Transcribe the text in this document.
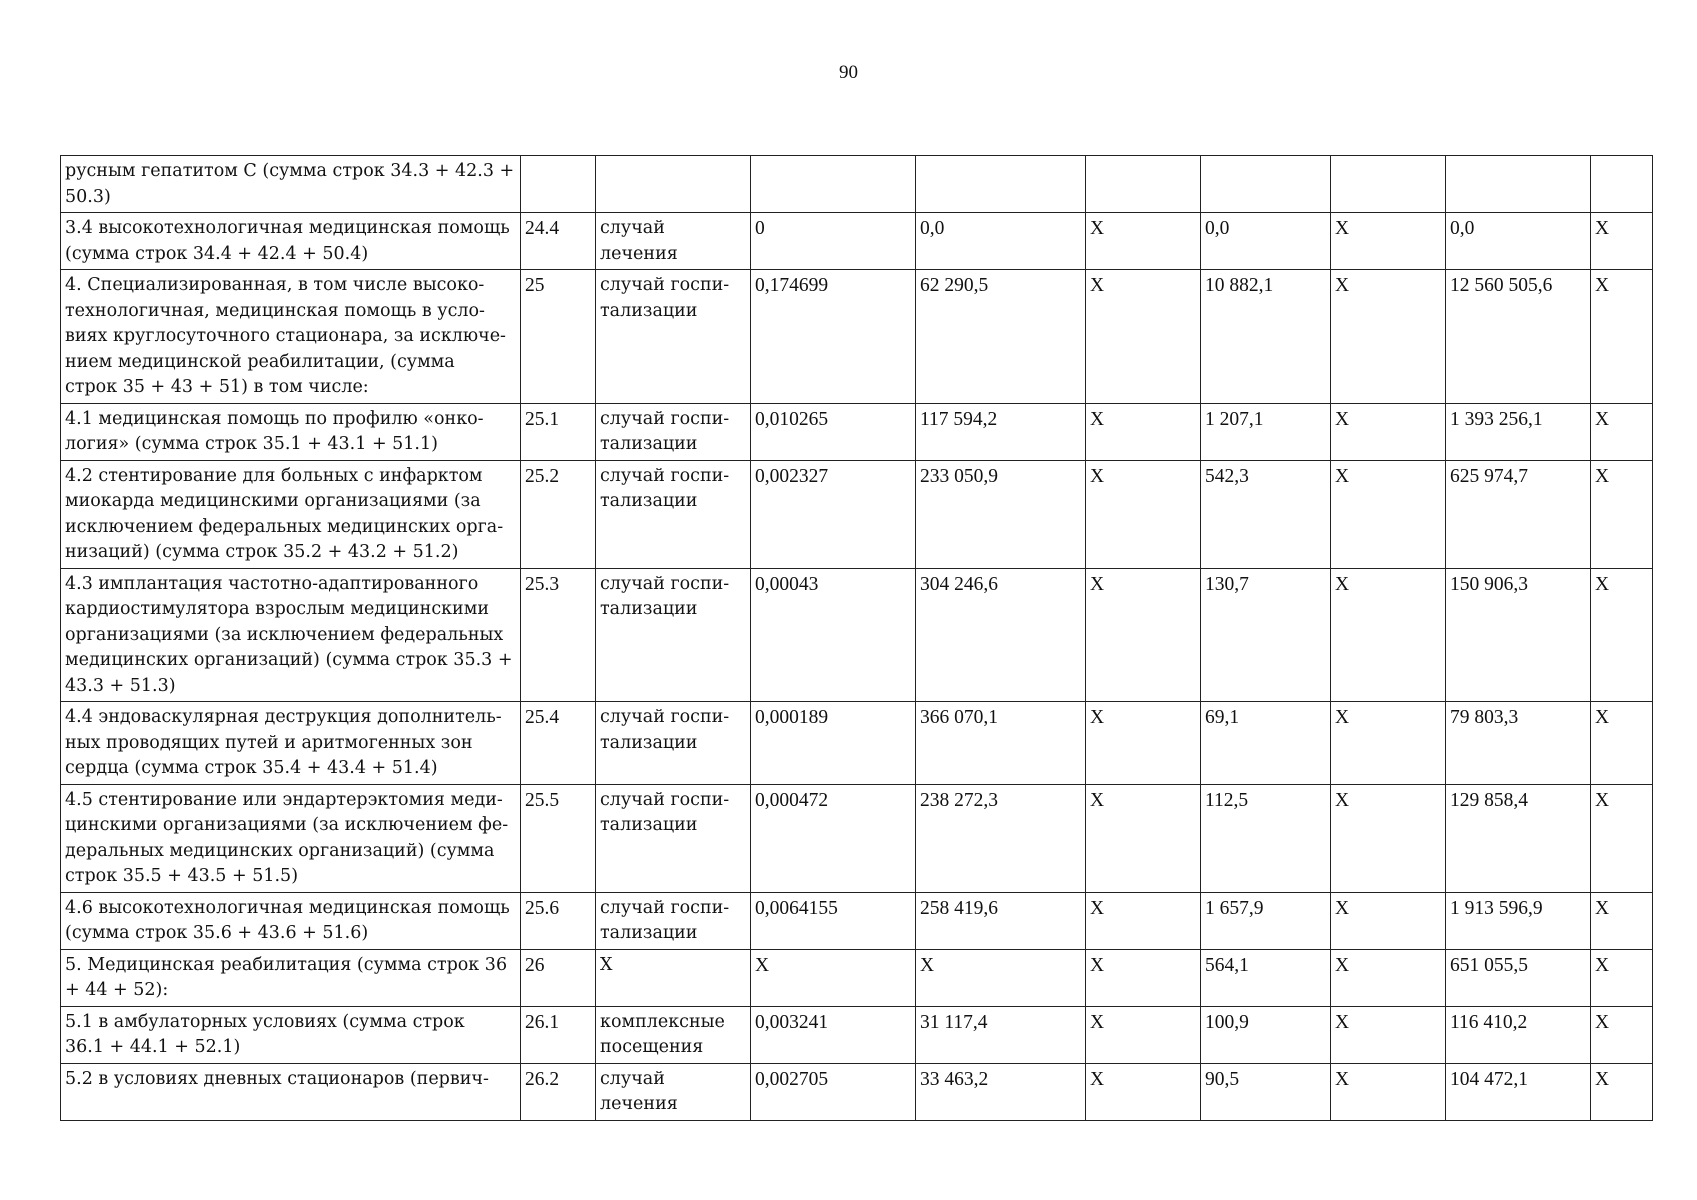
90
русным гепатитом С (сумма строк 34.3 + 42.3 +
50.3)									
3.4 высокотехнологичная медицинская помощь
(сумма строк 34.4 + 42.4 + 50.4)	24.4	случай лечения	0	0,0	Х	0,0	Х	0,0	Х
4. Специализированная, в том числе высоко-
технологичная, медицинская помощь в усло-
виях круглосуточного стационара, за исключе-
нием медицинской реабилитации, (сумма
строк 35 + 43 + 51) в том числе:	25	случай госпи-
тализации	0,174699	62 290,5	Х	10 882,1	Х	12 560 505,6	Х
4.1 медицинская помощь по профилю «онко-
логия» (сумма строк 35.1 + 43.1 + 51.1)	25.1	случай госпи-
тализации	0,010265	117 594,2	Х	1 207,1	Х	1 393 256,1	Х
4.2 стентирование для больных с инфарктом
миокарда медицинскими организациями (за
исключением федеральных медицинских орга-
низаций) (сумма строк 35.2 + 43.2 + 51.2)	25.2	случай госпи-
тализации	0,002327	233 050,9	Х	542,3	Х	625 974,7	Х
4.3 имплантация частотно-адаптированного
кардиостимулятора взрослым медицинскими
организациями (за исключением федеральных
медицинских организаций) (сумма строк 35.3 +
43.3 + 51.3)	25.3	случай госпи-
тализации	0,00043	304 246,6	Х	130,7	Х	150 906,3	Х
4.4 эндоваскулярная деструкция дополнитель-
ных проводящих путей и аритмогенных зон
сердца (сумма строк 35.4 + 43.4 + 51.4)	25.4	случай госпи-
тализации	0,000189	366 070,1	Х	69,1	Х	79 803,3	Х
4.5 стентирование или эндартерэктомия меди-
цинскими организациями (за исключением фе-
деральных медицинских организаций) (сумма
строк 35.5 + 43.5 + 51.5)	25.5	случай госпи-
тализации	0,000472	238 272,3	Х	112,5	Х	129 858,4	Х
4.6 высокотехнологичная медицинская помощь
(сумма строк 35.6 + 43.6 + 51.6)	25.6	случай госпи-
тализации	0,0064155	258 419,6	Х	1 657,9	Х	1 913 596,9	Х
5. Медицинская реабилитация (сумма строк 36
+ 44 + 52):	26	Х	Х	Х	Х	564,1	Х	651 055,5	Х
5.1 в амбулаторных условиях (сумма строк
36.1 + 44.1 + 52.1)	26.1	комплексные
посещения	0,003241	31 117,4	Х	100,9	Х	116 410,2	Х
5.2 в условиях дневных стационаров (первич-	26.2	случай лечения	0,002705	33 463,2	Х	90,5	Х	104 472,1	Х
